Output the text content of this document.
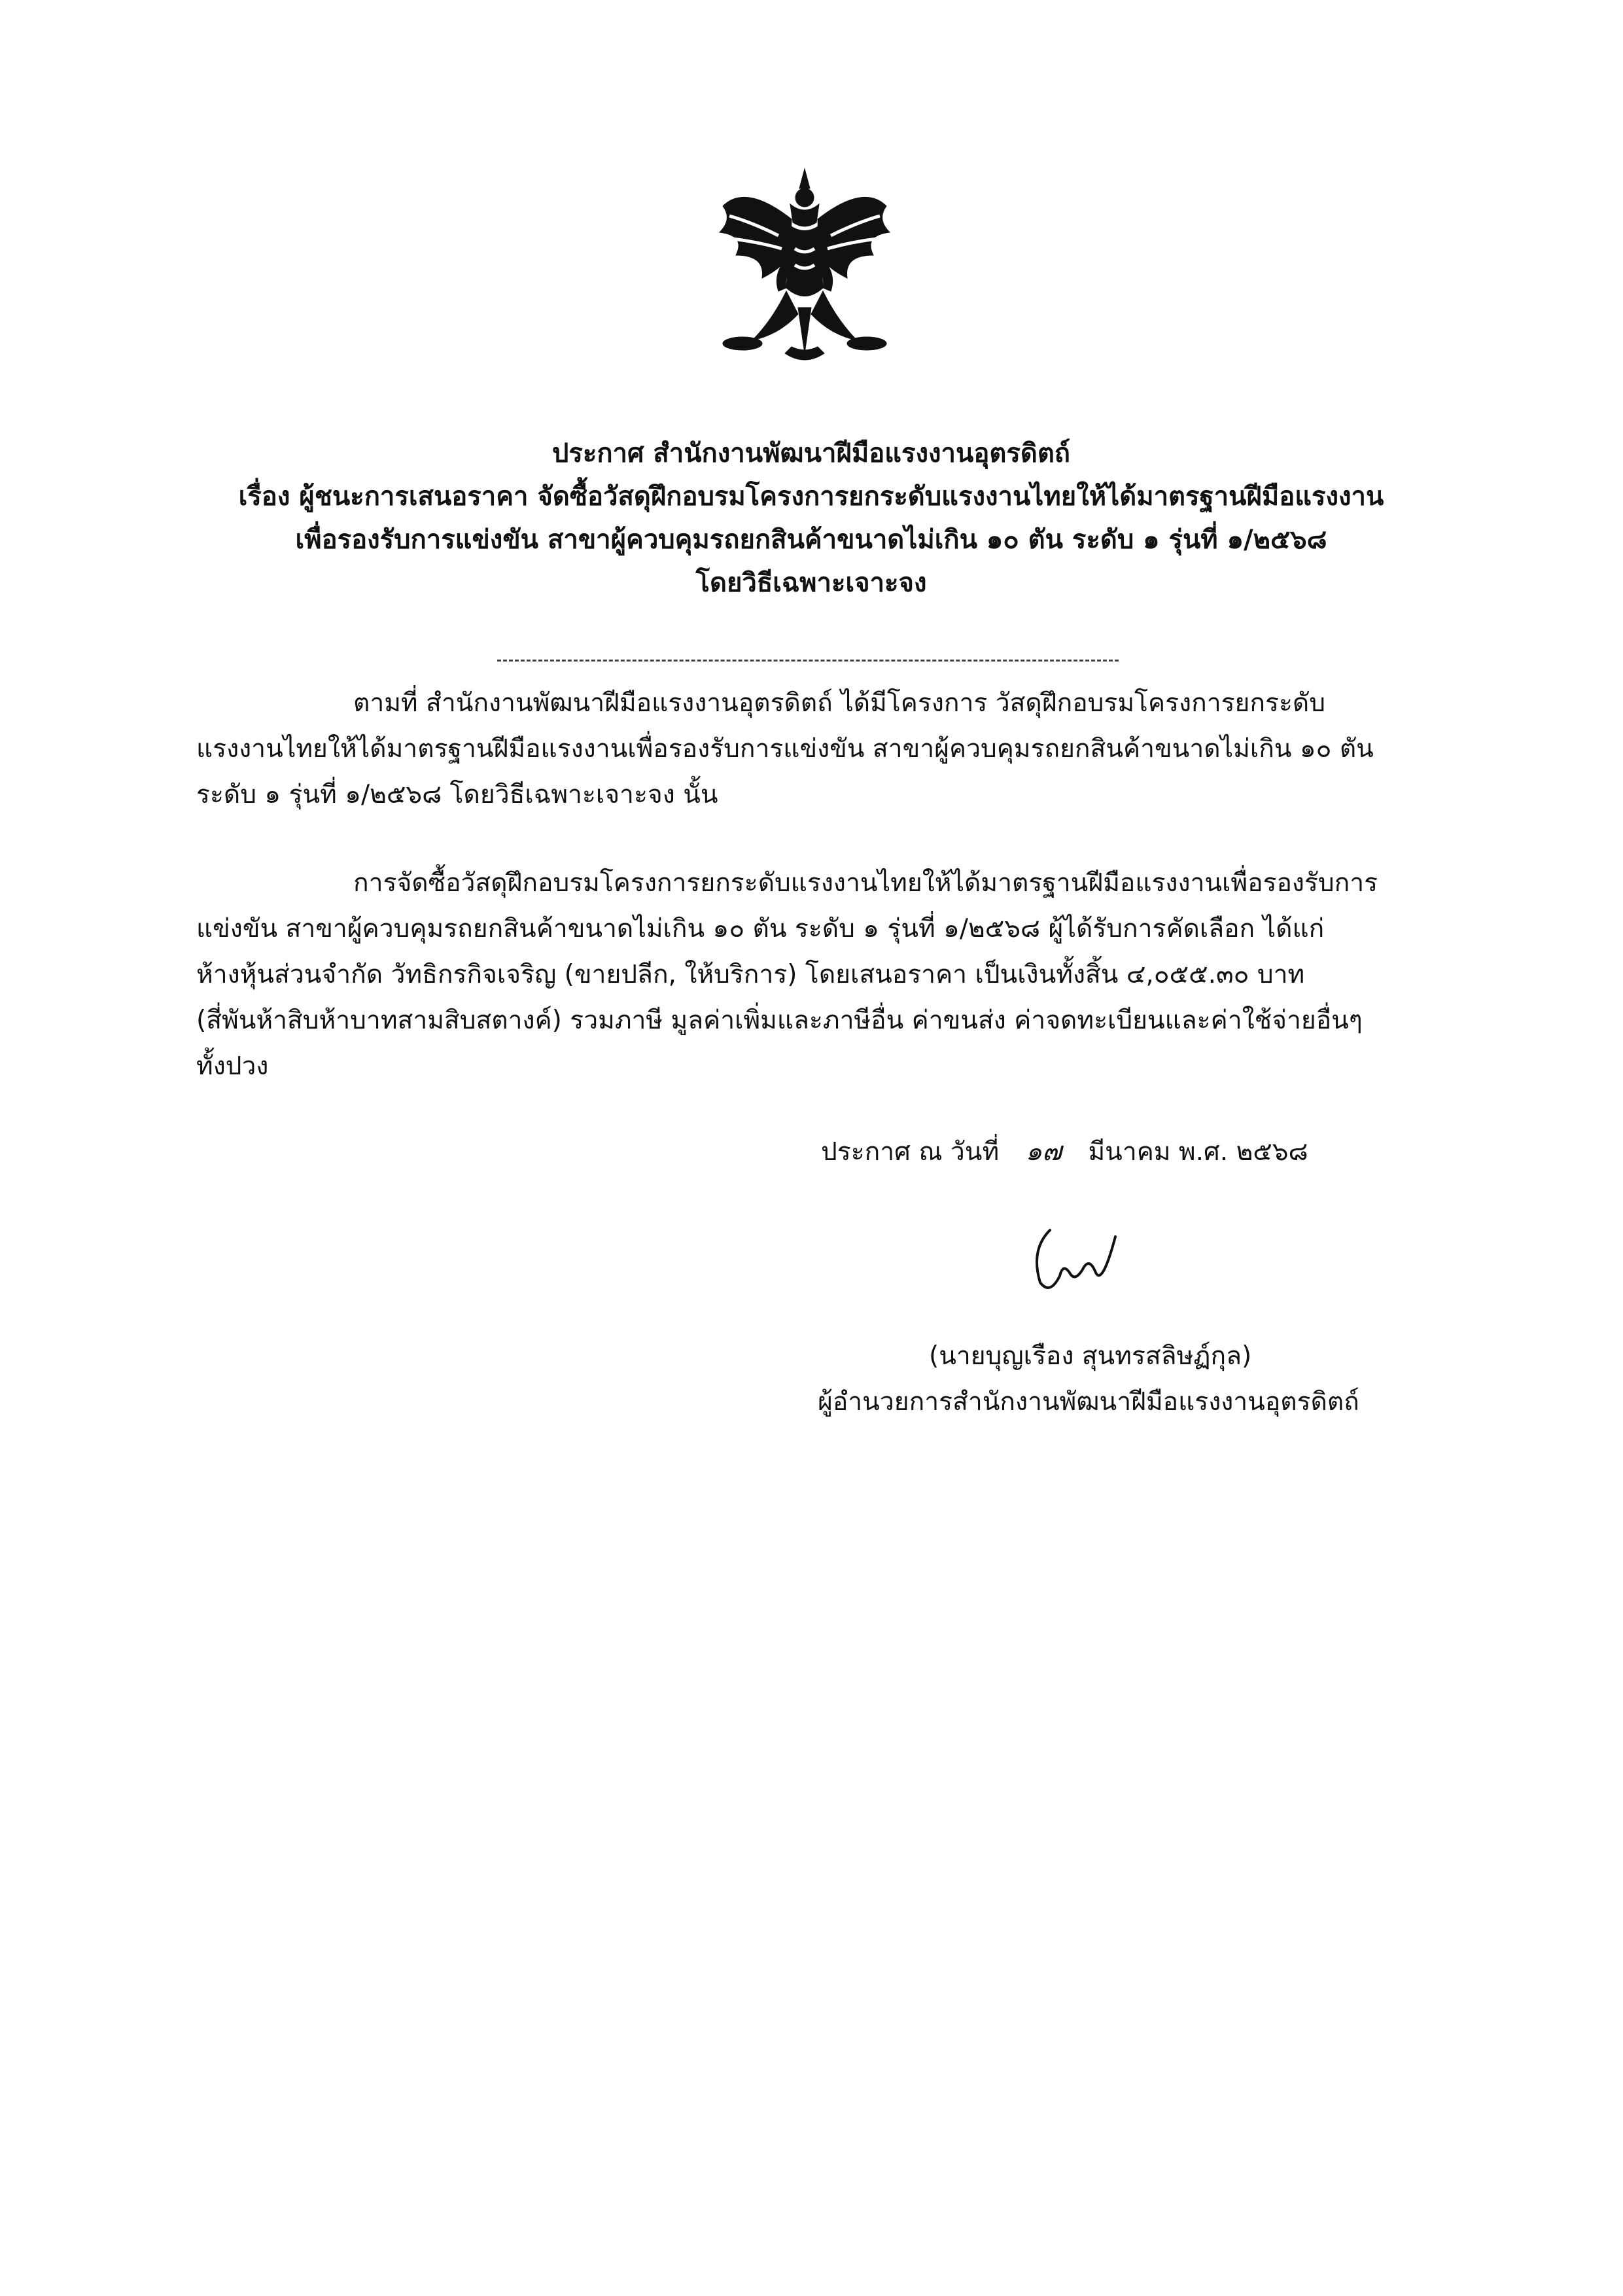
ประกาศ สำนักงานพัฒนาฝีมือแรงงานอุตรดิตถ์
เรื่อง ผู้ชนะการเสนอราคา จัดซื้อวัสดุฝึกอบรมโครงการยกระดับแรงงานไทยให้ได้มาตรฐานฝีมือแรงงาน
เพื่อรองรับการแข่งขัน สาขาผู้ควบคุมรถยกสินค้าขนาดไม่เกิน ๑๐ ตัน ระดับ ๑ รุ่นที่ ๑/๒๕๖๘
โดยวิธีเฉพาะเจาะจง
ตามที่ สำนักงานพัฒนาฝีมือแรงงานอุตรดิตถ์ ได้มีโครงการ วัสดุฝึกอบรมโครงการยกระดับ
แรงงานไทยให้ได้มาตรฐานฝีมือแรงงานเพื่อรองรับการแข่งขัน สาขาผู้ควบคุมรถยกสินค้าขนาดไม่เกิน ๑๐ ตัน
ระดับ ๑ รุ่นที่ ๑/๒๕๖๘ โดยวิธีเฉพาะเจาะจง นั้น
การจัดซื้อวัสดุฝึกอบรมโครงการยกระดับแรงงานไทยให้ได้มาตรฐานฝีมือแรงงานเพื่อรองรับการ
แข่งขัน สาขาผู้ควบคุมรถยกสินค้าขนาดไม่เกิน ๑๐ ตัน ระดับ ๑ รุ่นที่ ๑/๒๕๖๘ ผู้ได้รับการคัดเลือก ได้แก่
ห้างหุ้นส่วนจำกัด วัทธิกรกิจเจริญ (ขายปลีก, ให้บริการ) โดยเสนอราคา เป็นเงินทั้งสิ้น ๔,๐๕๕.๓๐ บาท
(สี่พันห้าสิบห้าบาทสามสิบสตางค์) รวมภาษี มูลค่าเพิ่มและภาษีอื่น ค่าขนส่ง ค่าจดทะเบียนและค่าใช้จ่ายอื่นๆ
ทั้งปวง
ประกาศ ณ วันที่ ๑๗ มีนาคม พ.ศ. ๒๕๖๘
(นายบุญเรือง สุนทรสลิษฏ์กุล)
ผู้อำนวยการสำนักงานพัฒนาฝีมือแรงงานอุตรดิตถ์
